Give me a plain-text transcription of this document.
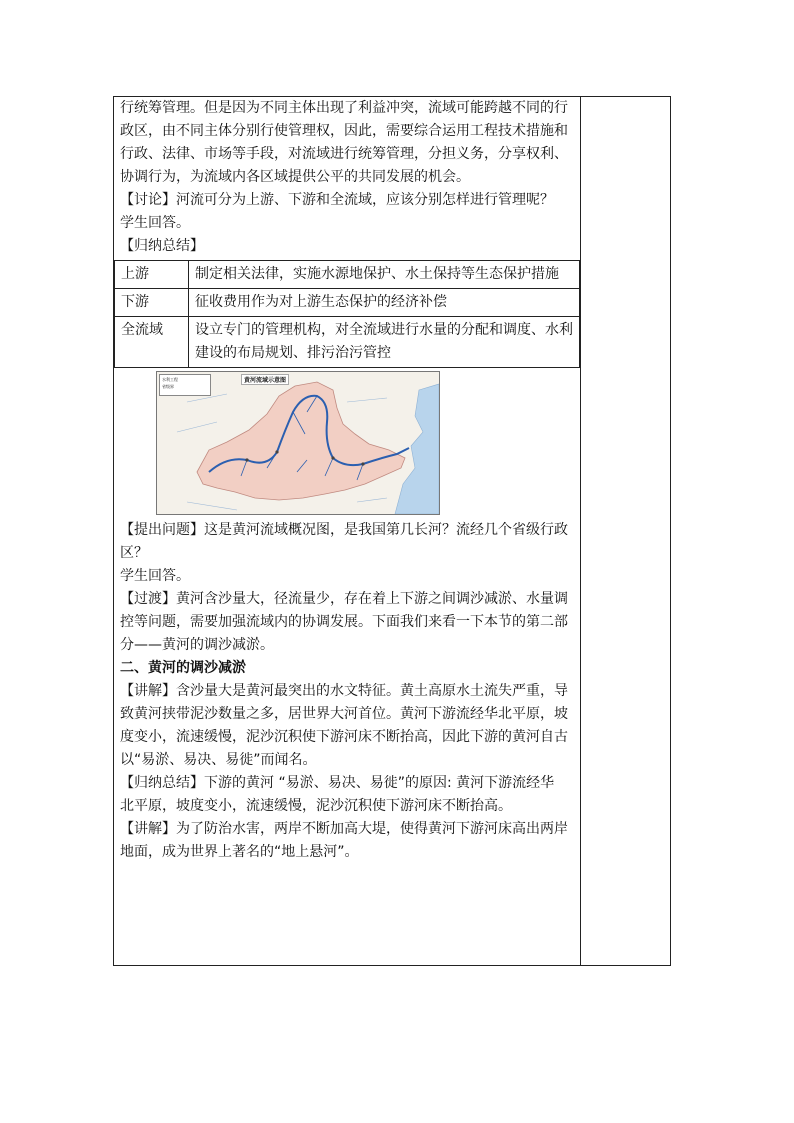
行统筹管理。但是因为不同主体出现了利益冲突，流域可能跨越不同的行
政区，由不同主体分别行使管理权，因此，需要综合运用工程技术措施和
行政、法律、市场等手段，对流域进行统筹管理，分担义务，分享权利、
协调行为，为流域内各区域提供公平的共同发展的机会。
【讨论】河流可分为上游、下游和全流域，应该分别怎样进行管理呢？
学生回答。
【归纳总结】
上游	制定相关法律，实施水源地保护、水土保持等生态保护措施
下游	征收费用作为对上游生态保护的经济补偿
全流域	设立专门的管理机构，对全流域进行水量的分配和调度、水利
建设的布局规划、排污治污管控
水利工程
省级界
黄河流域示意图
【提出问题】这是黄河流域概况图，是我国第几长河？流经几个省级行政
区？
学生回答。
【过渡】黄河含沙量大，径流量少，存在着上下游之间调沙减淤、水量调
控等问题，需要加强流域内的协调发展。下面我们来看一下本节的第二部
分——黄河的调沙减淤。
二、黄河的调沙减淤
【讲解】含沙量大是黄河最突出的水文特征。黄土高原水土流失严重，导
致黄河挟带泥沙数量之多，居世界大河首位。黄河下游流经华北平原，坡
度变小，流速缓慢，泥沙沉积使下游河床不断抬高，因此下游的黄河自古
以“易淤、易决、易徙”而闻名。
【归纳总结】下游的黄河 “易淤、易决、易徙”的原因: 黄河下游流经华
北平原，坡度变小，流速缓慢，泥沙沉积使下游河床不断抬高。
【讲解】为了防治水害，两岸不断加高大堤，使得黄河下游河床高出两岸
地面，成为世界上著名的“地上悬河”。
